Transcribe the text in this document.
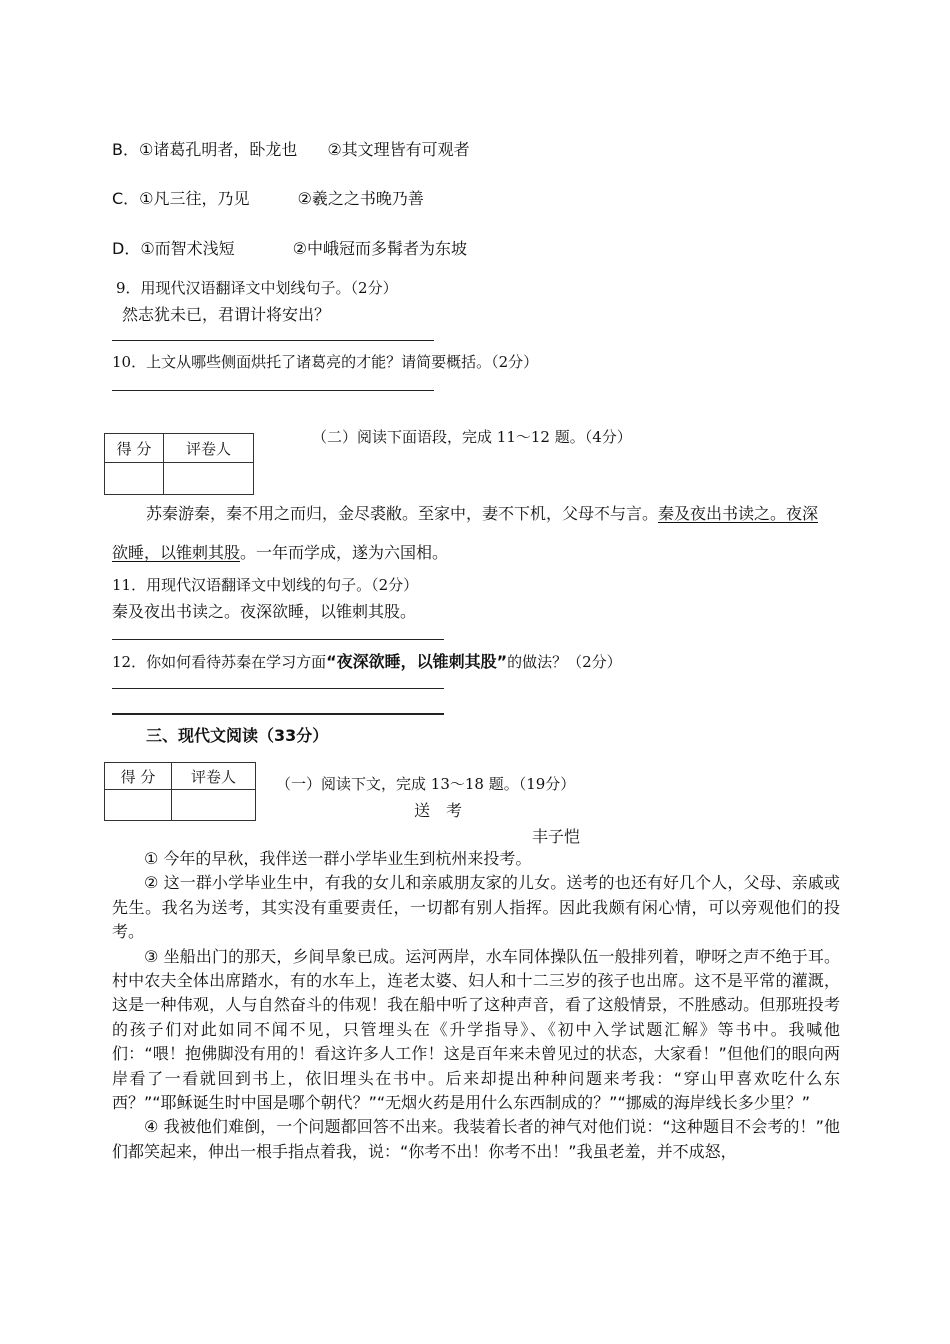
B．①诸葛孔明者，卧龙也 ②其文理皆有可观者
C．①凡三往，乃见	②羲之之书晚乃善
D．①而智术浅短	②中峨冠而多髯者为东坡
9．用现代汉语翻译文中划线句子。（2分）
然志犹未已，君谓计将安出？
10．上文从哪些侧面烘托了诸葛亮的才能？请简要概括。（2分）
得 分	评卷人

（二）阅读下面语段，完成 11～12 题。（4分）
苏秦游秦，秦不用之而归，金尽裘敝。至家中，妻不下机，父母不与言。秦及夜出书读之。夜深
欲睡，以锥刺其股。一年而学成，遂为六国相。
11．用现代汉语翻译文中划线的句子。（2分）
秦及夜出书读之。夜深欲睡，以锥刺其股。
12．你如何看待苏秦在学习方面“夜深欲睡，以锥刺其股”的做法？（2分）
三、现代文阅读（33分）
得 分	评卷人
		（一）阅读下文，完成 13～18 题。（19分）
送　考
丰子恺

① 今年的早秋，我伴送一群小学毕业生到杭州来投考。

② 这一群小学毕业生中，有我的女儿和亲戚朋友家的儿女。送考的也还有好几个人，父母、亲戚或先生。我名为送考，其实没有重要责任，一切都有别人指挥。因此我颇有闲心情，可以旁观他们的投考。

③ 坐船出门的那天，乡间旱象已成。运河两岸，水车同体操队伍一般排列着，咿呀之声不绝于耳。村中农夫全体出席踏水，有的水车上，连老太婆、妇人和十二三岁的孩子也出席。这不是平常的灌溉，这是一种伟观，人与自然奋斗的伟观！我在船中听了这种声音，看了这般情景，不胜感动。但那班投考的孩子们对此如同不闻不见，只管埋头在《升学指导》、《初中入学试题汇解》等书中。我喊他们：“喂！抱佛脚没有用的！看这许多人工作！这是百年来未曾见过的状态，大家看！”但他们的眼向两岸看了一看就回到书上，依旧埋头在书中。后来却提出种种问题来考我：“穿山甲喜欢吃什么东西？”“耶稣诞生时中国是哪个朝代？”“无烟火药是用什么东西制成的？”“挪威的海岸线长多少里？”

④ 我被他们难倒，一个问题都回答不出来。我装着长者的神气对他们说：“这种题目不会考的！”他们都笑起来，伸出一根手指点着我，说：“你考不出！你考不出！”我虽老羞，并不成怒，
